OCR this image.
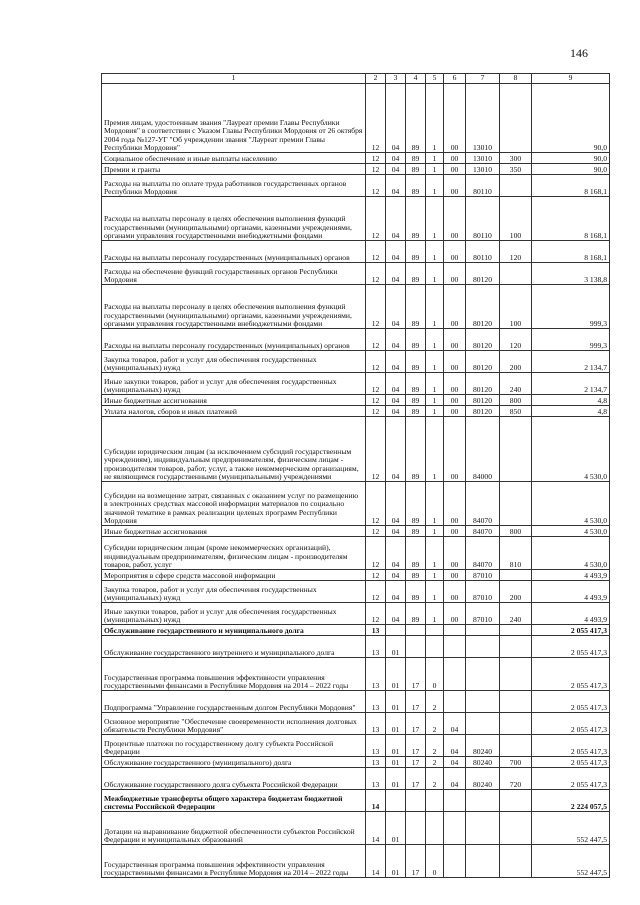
146
1	2	3	4	5	6	7	8	9
Премия лицам, удостоенным звания "Лауреат премии Главы Республики Мордовия" в соответствии с Указом Главы Республики Мордовия от 26 октября 2004 года №127-УГ "Об учреждении звания "Лауреат премии Главы Республики Мордовия"	12	04	89	1	00	13010		90,0
Социальное обеспечение и иные выплаты населению	12	04	89	1	00	13010	300	90,0
Премии и гранты	12	04	89	1	00	13010	350	90,0
Расходы на выплаты по оплате труда работников государственных органов Республики Мордовия	12	04	89	1	00	80110		8 168,1
Расходы на выплаты персоналу в целях обеспечения выполнения функций государственными (муниципальными) органами, казенными учреждениями, органами управления государственными внебюджетными фондами	12	04	89	1	00	80110	100	8 168,1
Расходы на выплаты персоналу государственных (муниципальных) органов	12	04	89	1	00	80110	120	8 168,1
Расходы на обеспечение функций государственных органов Республики Мордовия	12	04	89	1	00	80120		3 138,8
Расходы на выплаты персоналу в целях обеспечения выполнения функций государственными (муниципальными) органами, казенными учреждениями, органами управления государственными внебюджетными фондами	12	04	89	1	00	80120	100	999,3
Расходы на выплаты персоналу государственных (муниципальных) органов	12	04	89	1	00	80120	120	999,3
Закупка товаров, работ и услуг для обеспечения государственных (муниципальных) нужд	12	04	89	1	00	80120	200	2 134,7
Иные закупки товаров, работ и услуг для обеспечения государственных (муниципальных) нужд	12	04	89	1	00	80120	240	2 134,7
Иные бюджетные ассигнования	12	04	89	1	00	80120	800	4,8
Уплата налогов, сборов и иных платежей	12	04	89	1	00	80120	850	4,8
Субсидии юридическим лицам (за исключением субсидий государственным учреждениям), индивидуальным предпринимателям, физическим лицам - производителям товаров, работ, услуг, а также некоммерческим организациям, не являющимся государственными (муниципальными) учреждениями	12	04	89	1	00	84000		4 530,0
Субсидии на возмещение затрат, связанных с оказанием услуг по размещению в электронных средствах массовой информации материалов по социально значимой тематике в рамках реализации целевых программ Республики Мордовия	12	04	89	1	00	84070		4 530,0
Иные бюджетные ассигнования	12	04	89	1	00	84070	800	4 530,0
Субсидии юридическим лицам (кроме некоммерческих организаций), индивидуальным предпринимателям, физическим лицам - производителям товаров, работ, услуг	12	04	89	1	00	84070	810	4 530,0
Мероприятия в сфере средств массовой информации	12	04	89	1	00	87010		4 493,9
Закупка товаров, работ и услуг для обеспечения государственных (муниципальных) нужд	12	04	89	1	00	87010	200	4 493,9
Иные закупки товаров, работ и услуг для обеспечения государственных (муниципальных) нужд	12	04	89	1	00	87010	240	4 493,9
Обслуживание государственного и муниципального долга	13							2 055 417,3
Обслуживание государственного внутреннего и муниципального долга	13	01						2 055 417,3
Государственная программа повышения эффективности управления государственными финансами в Республике Мордовия на 2014 – 2022 годы	13	01	17	0				2 055 417,3
Подпрограмма "Управление государственным долгом Республики Мордовия"	13	01	17	2				2 055 417,3
Основное мероприятие "Обеспечение своевременности исполнения долговых обязательств Республики Мордовия"	13	01	17	2	04			2 055 417,3
Процентные платежи по государственному долгу субъекта Российской Федерации	13	01	17	2	04	80240		2 055 417,3
Обслуживание государственного (муниципального) долга	13	01	17	2	04	80240	700	2 055 417,3
Обслуживание государственного долга субъекта Российской Федерации	13	01	17	2	04	80240	720	2 055 417,3
Межбюджетные трансферты общего характера бюджетам бюджетной системы Российской Федерации	14							2 224 057,5
Дотации на выравнивание бюджетной обеспеченности субъектов Российской Федерации и муниципальных образований	14	01						552 447,5
Государственная программа повышения эффективности управления государственными финансами в Республике Мордовия на 2014 – 2022 годы	14	01	17	0				552 447,5
